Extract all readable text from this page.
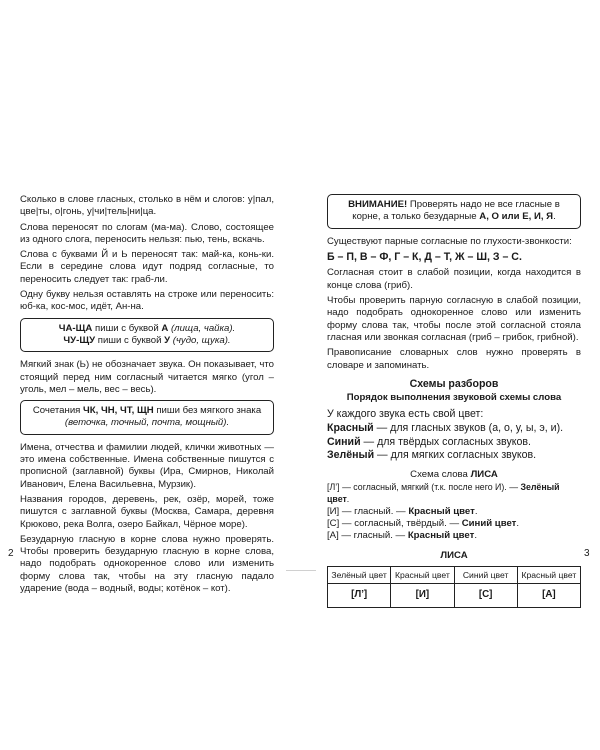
Сколько в слове гласных, столько в нём и слогов: у|пал, цве|ты, о|гонь, у|чи|тель|ни|ца.

Слова переносят по слогам (ма-ма). Слово, состоящее из одного слога, переносить нельзя: пью, тень, вскачь.

Слова с буквами Й и Ь переносят так: май-ка, конь-ки. Если в середине слова идут подряд согласные, то переносить следует так: граб-ли.

Одну букву нельзя оставлять на строке или переносить: юб-ка, кос-мос, идёт, Ан-на.

ЧА-ЩА пиши с буквой А (лища, чайка).
ЧУ-ЩУ пиши с буквой У (чудо, щука).

Мягкий знак (Ь) не обозначает звука. Он показывает, что стоящий перед ним согласный читается мягко (угол – уголь, мел – мель, вес – весь).

Сочетания ЧК, ЧН, ЧТ, ЩН пиши без мягкого знака
(веточка, точный, почта, мощный).

Имена, отчества и фамилии людей, клички животных — это имена собственные. Имена собственные пишутся с прописной (заглавной) буквы (Ира, Смирнов, Николай Иванович, Елена Васильевна, Мурзик).

Названия городов, деревень, рек, озёр, морей, тоже пишутся с заглавной буквы (Москва, Самара, деревня Крюково, река Волга, озеро Байкал, Чёрное море).

Безударную гласную в корне слова нужно проверять. Чтобы проверить безударную гласную в корне слова, надо подобрать однокоренное слово или изменить форму слова так, чтобы на эту гласную падало ударение (вода – водный, воды; котёнок – кот).

ВНИМАНИЕ! Проверять надо не все гласные в корне, а только безударные А, О или Е, И, Я.

Существуют парные согласные по глухости-звонкости:

Б – П, В – Ф, Г – К, Д – Т, Ж – Ш, З – С.

Согласная стоит в слабой позиции, когда находится в конце слова (гриб).

Чтобы проверить парную согласную в слабой позиции, надо подобрать однокоренное слово или изменить форму слова так, чтобы после этой согласной стояла гласная или звонкая согласная (гриб – грибок, грибной).

Правописание словарных слов нужно проверять в словаре и запоминать.

Схемы разборов
Порядок выполнения звуковой схемы слова
У каждого звука есть свой цвет:
Красный — для гласных звуков (а, о, у, ы, э, и).
Синий — для твёрдых согласных звуков.
Зелёный — для мягких согласных звуков.
Схема слова ЛИСА
[Л’] — согласный, мягкий (т.к. после него И). — Зелёный цвет.
[И] — гласный. — Красный цвет.
[С] — согласный, твёрдый. — Синий цвет.
[А] — гласный. — Красный цвет.
ЛИСА
Зелёный цвет	Красный цвет	Синий цвет	Красный цвет
[Л’]	[И]	[С]	[А]
2	3
